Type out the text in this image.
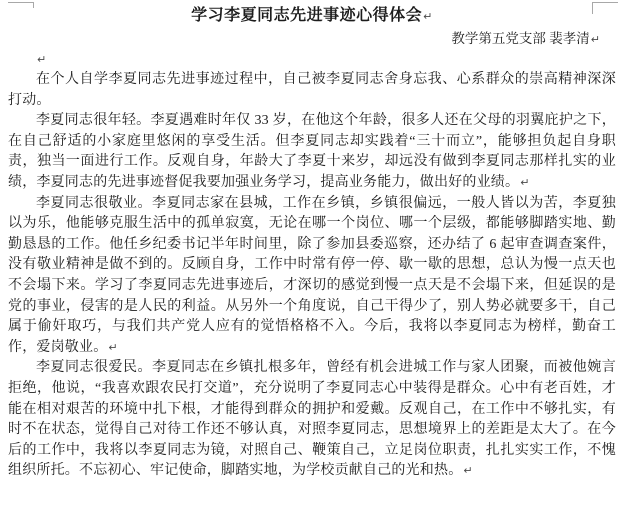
学习李夏同志先进事迹心得体会↵
教学第五党支部 裴孝清↵
↵

在个人自学李夏同志先进事迹过程中，自己被李夏同志舍身忘我、心系群众的崇高精神深深打动。

李夏同志很年轻。李夏遇难时年仅 33 岁，在他这个年龄，很多人还在父母的羽翼庇护之下，在自己舒适的小家庭里悠闲的享受生活。但李夏同志却实践着“三十而立”，能够担负起自身职责，独当一面进行工作。反观自身，年龄大了李夏十来岁，却远没有做到李夏同志那样扎实的业绩，李夏同志的先进事迹督促我要加强业务学习，提高业务能力，做出好的业绩。↵

李夏同志很敬业。李夏同志家在县城，工作在乡镇，乡镇很偏远，一般人皆以为苦，李夏独以为乐，他能够克服生活中的孤单寂寞，无论在哪一个岗位、哪一个层级，都能够脚踏实地、勤勤恳恳的工作。他任乡纪委书记半年时间里，除了参加县委巡察，还办结了 6 起审查调查案件，没有敬业精神是做不到的。反顾自身，工作中时常有停一停、歇一歇的思想，总认为慢一点天也不会塌下来。学习了李夏同志先进事迹后，才深切的感觉到慢一点天是不会塌下来，但延误的是党的事业，侵害的是人民的利益。从另外一个角度说，自己干得少了，别人势必就要多干，自己属于偷奸取巧，与我们共产党人应有的觉悟格格不入。今后，我将以李夏同志为榜样，勤奋工作，爱岗敬业。↵

李夏同志很爱民。李夏同志在乡镇扎根多年，曾经有机会进城工作与家人团聚，而被他婉言拒绝，他说，“我喜欢跟农民打交道”，充分说明了李夏同志心中装得是群众。心中有老百姓，才能在相对艰苦的环境中扎下根，才能得到群众的拥护和爱戴。反观自己，在工作中不够扎实，有时不在状态，觉得自己对待工作还不够认真，对照李夏同志，思想境界上的差距是太大了。在今后的工作中，我将以李夏同志为镜，对照自己、鞭策自己，立足岗位职责，扎扎实实工作，不愧组织所托。不忘初心、牢记使命，脚踏实地，为学校贡献自己的光和热。↵
